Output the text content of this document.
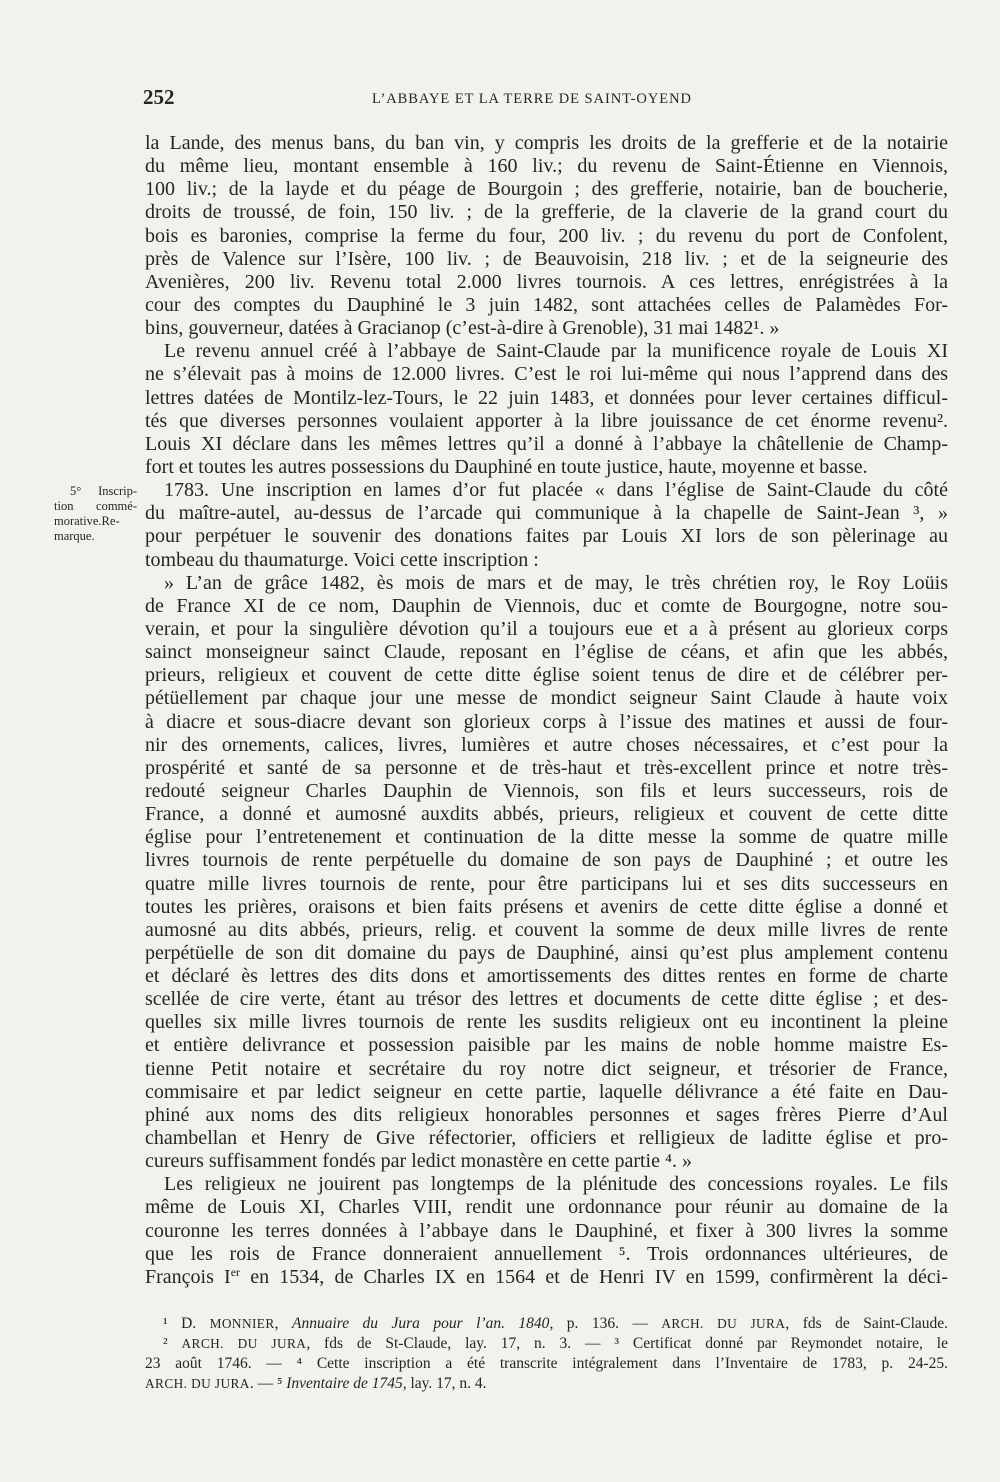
252	L’ABBAYE ET LA TERRE DE SAINT-OYEND
5° Inscrip-
tion commé-
morative.Re-
marque.
la Lande, des menus bans, du ban vin, y compris les droits de la grefferie et de la notairie
du même lieu, montant ensemble à 160 liv.; du revenu de Saint-Étienne en Viennois,
100 liv.; de la layde et du péage de Bourgoin ; des grefferie, notairie, ban de boucherie,
droits de troussé, de foin, 150 liv. ; de la grefferie, de la claverie de la grand court du
bois es baronies, comprise la ferme du four, 200 liv. ; du revenu du port de Confolent,
près de Valence sur l’Isère, 100 liv. ; de Beauvoisin, 218 liv. ; et de la seigneurie des
Avenières, 200 liv. Revenu total 2.000 livres tournois. A ces lettres, enrégistrées à la
cour des comptes du Dauphiné le 3 juin 1482, sont attachées celles de Palamèdes For-
bins, gouverneur, datées à Gracianop (c’est-à-dire à Grenoble), 31 mai 1482¹. »
Le revenu annuel créé à l’abbaye de Saint-Claude par la munificence royale de Louis XI
ne s’élevait pas à moins de 12.000 livres. C’est le roi lui-même qui nous l’apprend dans des
lettres datées de Montilz-lez-Tours, le 22 juin 1483, et données pour lever certaines difficul-
tés que diverses personnes voulaient apporter à la libre jouissance de cet énorme revenu².
Louis XI déclare dans les mêmes lettres qu’il a donné à l’abbaye la châtellenie de Champ-
fort et toutes les autres possessions du Dauphiné en toute justice, haute, moyenne et basse.
1783. Une inscription en lames d’or fut placée « dans l’église de Saint-Claude du côté
du maître-autel, au-dessus de l’arcade qui communique à la chapelle de Saint-Jean ³, »
pour perpétuer le souvenir des donations faites par Louis XI lors de son pèlerinage au
tombeau du thaumaturge. Voici cette inscription :
» L’an de grâce 1482, ès mois de mars et de may, le très chrétien roy, le Roy Loüis
de France XI de ce nom, Dauphin de Viennois, duc et comte de Bourgogne, notre sou-
verain, et pour la singulière dévotion qu’il a toujours eue et a à présent au glorieux corps
sainct monseigneur sainct Claude, reposant en l’église de céans, et afin que les abbés,
prieurs, religieux et couvent de cette ditte église soient tenus de dire et de célébrer per-
pétüellement par chaque jour une messe de mondict seigneur Saint Claude à haute voix
à diacre et sous-diacre devant son glorieux corps à l’issue des matines et aussi de four-
nir des ornements, calices, livres, lumières et autre choses nécessaires, et c’est pour la
prospérité et santé de sa personne et de très-haut et très-excellent prince et notre très-
redouté seigneur Charles Dauphin de Viennois, son fils et leurs successeurs, rois de
France, a donné et aumosné auxdits abbés, prieurs, religieux et couvent de cette ditte
église pour l’entretenement et continuation de la ditte messe la somme de quatre mille
livres tournois de rente perpétuelle du domaine de son pays de Dauphiné ; et outre les
quatre mille livres tournois de rente, pour être participans lui et ses dits successeurs en
toutes les prières, oraisons et bien faits présens et avenirs de cette ditte église a donné et
aumosné au dits abbés, prieurs, relig. et couvent la somme de deux mille livres de rente
perpétüelle de son dit domaine du pays de Dauphiné, ainsi qu’est plus amplement contenu
et déclaré ès lettres des dits dons et amortissements des dittes rentes en forme de charte
scellée de cire verte, étant au trésor des lettres et documents de cette ditte église ; et des-
quelles six mille livres tournois de rente les susdits religieux ont eu incontinent la pleine
et entière delivrance et possession paisible par les mains de noble homme maistre Es-
tienne Petit notaire et secrétaire du roy notre dict seigneur, et trésorier de France,
commisaire et par ledict seigneur en cette partie, laquelle délivrance a été faite en Dau-
phiné aux noms des dits religieux honorables personnes et sages frères Pierre d’Aul
chambellan et Henry de Give réfectorier, officiers et relligieux de laditte église et pro-
cureurs suffisamment fondés par ledict monastère en cette partie ⁴. »
Les religieux ne jouirent pas longtemps de la plénitude des concessions royales. Le fils
même de Louis XI, Charles VIII, rendit une ordonnance pour réunir au domaine de la
couronne les terres données à l’abbaye dans le Dauphiné, et fixer à 300 livres la somme
que les rois de France donneraient annuellement ⁵. Trois ordonnances ultérieures, de
François Ier en 1534, de Charles IX en 1564 et de Henri IV en 1599, confirmèrent la déci-
¹ D. MONNIER, Annuaire du Jura pour l’an. 1840, p. 136. — ARCH. DU JURA, fds de Saint-Claude.
² ARCH. DU JURA, fds de St-Claude, lay. 17, n. 3. — ³ Certificat donné par Reymondet notaire, le
23 août 1746. — ⁴ Cette inscription a été transcrite intégralement dans l’Inventaire de 1783, p. 24-25.
ARCH. DU JURA. — ⁵ Inventaire de 1745, lay. 17, n. 4.
